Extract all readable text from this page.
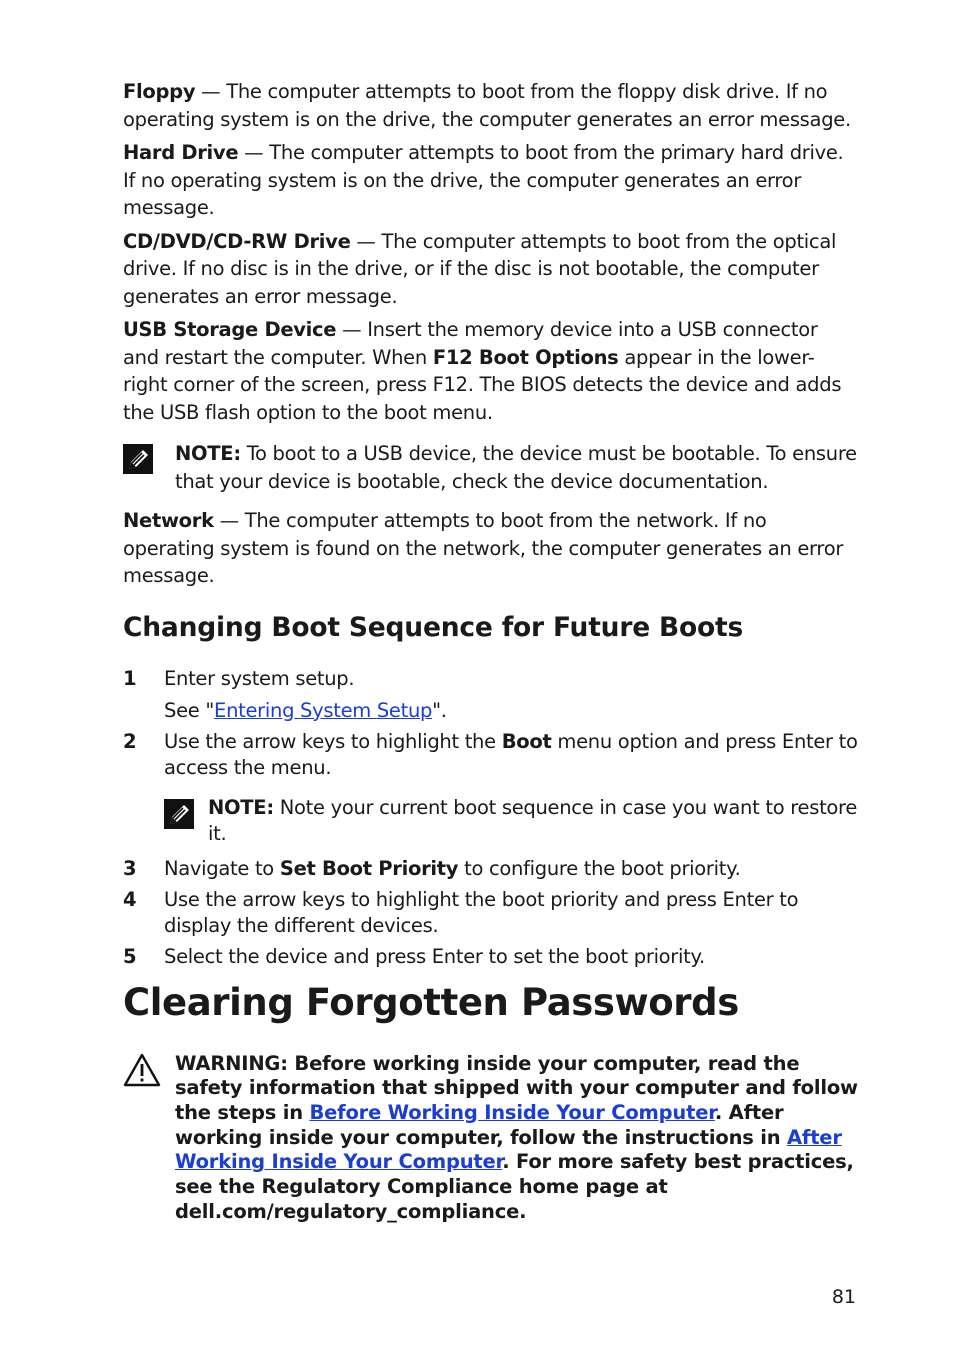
Floppy — The computer attempts to boot from the floppy disk drive. If no operating system is on the drive, the computer generates an error message.

Hard Drive — The computer attempts to boot from the primary hard drive. If no operating system is on the drive, the computer generates an error message.

CD/DVD/CD-RW Drive — The computer attempts to boot from the optical drive. If no disc is in the drive, or if the disc is not bootable, the computer generates an error message.

USB Storage Device — Insert the memory device into a USB connector and restart the computer. When F12 Boot Options appear in the lower-right corner of the screen, press F12. The BIOS detects the device and adds the USB flash option to the boot menu.

NOTE: To boot to a USB device, the device must be bootable. To ensure that your device is bootable, check the device documentation.

Network — The computer attempts to boot from the network. If no operating system is found on the network, the computer generates an error message.

Changing Boot Sequence for Future Boots
1	Enter system setup.

See "Entering System Setup".

2	Use the arrow keys to highlight the Boot menu option and press Enter to access the menu.

NOTE: Note your current boot sequence in case you want to restore it.

3	Navigate to Set Boot Priority to configure the boot priority.

4	Use the arrow keys to highlight the boot priority and press Enter to display the different devices.

5	Select the device and press Enter to set the boot priority.

Clearing Forgotten Passwords
WARNING: Before working inside your computer, read the safety information that shipped with your computer and follow the steps in Before Working Inside Your Computer. After working inside your computer, follow the instructions in After Working Inside Your Computer. For more safety best practices, see the Regulatory Compliance home page at dell.com/regulatory_compliance.
81
